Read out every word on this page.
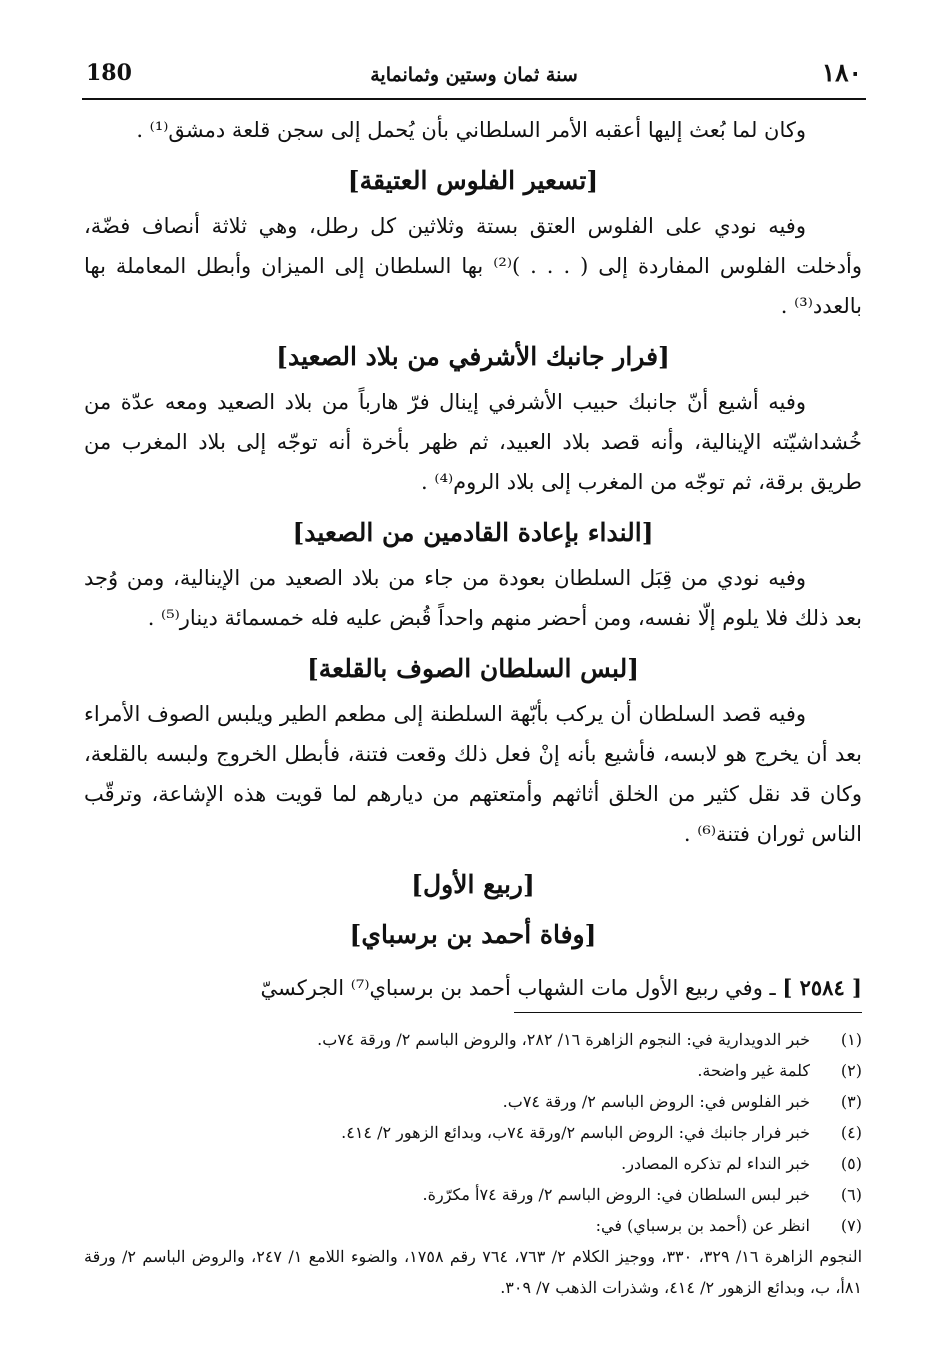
180	سنة ثمان وستين وثمانماية	١٨٠

وكان لما بُعث إليها أعقبه الأمر السلطاني بأن يُحمل إلى سجن قلعة دمشق⁽¹⁾ .

[تسعير الفلوس العتيقة]

وفيه نودي على الفلوس العتق بستة وثلاثين كل رطل، وهي ثلاثة أنصاف فضّة، وأدخلت الفلوس المفاردة إلى ( . . . )⁽²⁾ بها السلطان إلى الميزان وأبطل المعاملة بها بالعدد⁽³⁾ .

[فرار جانبك الأشرفي من بلاد الصعيد]

وفيه أشيع أنّ جانبك حبيب الأشرفي إينال فرّ هارباً من بلاد الصعيد ومعه عدّة من خُشداشيّته الإينالية، وأنه قصد بلاد العبيد، ثم ظهر بأخرة أنه توجّه إلى بلاد المغرب من طريق برقة، ثم توجّه من المغرب إلى بلاد الروم⁽⁴⁾ .

[النداء بإعادة القادمين من الصعيد]

وفيه نودي من قِبَل السلطان بعودة من جاء من بلاد الصعيد من الإينالية، ومن وُجد بعد ذلك فلا يلوم إلّا نفسه، ومن أحضر منهم واحداً قُبض عليه فله خمسمائة دينار⁽⁵⁾ .

[لبس السلطان الصوف بالقلعة]

وفيه قصد السلطان أن يركب بأبّهة السلطنة إلى مطعم الطير ويلبس الصوف الأمراء بعد أن يخرج هو لابسه، فأشيع بأنه إنْ فعل ذلك وقعت فتنة، فأبطل الخروج ولبسه بالقلعة، وكان قد نقل كثير من الخلق أثاثهم وأمتعتهم من ديارهم لما قويت هذه الإشاعة، وترقّب الناس ثوران فتنة⁽⁶⁾ .

[ربيع الأول]
[وفاة أحمد بن برسباي]
[ ٢٥٨٤ ] ـ وفي ربيع الأول مات الشهاب أحمد بن برسباي⁽⁷⁾ الجركسيّ
(١)
خبر الدويدارية في: النجوم الزاهرة ١٦/ ٢٨٢، والروض الباسم ٢/ ورقة ٧٤ب.
(٢)
كلمة غير واضحة.
(٣)
خبر الفلوس في: الروض الباسم ٢/ ورقة ٧٤ب.
(٤)
خبر فرار جانبك في: الروض الباسم ٢/ورقة ٧٤ب، وبدائع الزهور ٢/ ٤١٤.
(٥)
خبر النداء لم تذكره المصادر.
(٦)
خبر لبس السلطان في: الروض الباسم ٢/ ورقة ٧٤أ مكرّرة.
(٧)
انظر عن (أحمد بن برسباي) في:
النجوم الزاهرة ١٦/ ٣٢٩، ٣٣٠، ووجيز الكلام ٢/ ٧٦٣، ٧٦٤ رقم ١٧٥٨، والضوء اللامع ١/ ٢٤٧، والروض الباسم ٢/ ورقة ٨١أ، ب، وبدائع الزهور ٢/ ٤١٤، وشذرات الذهب ٧/ ٣٠٩.
